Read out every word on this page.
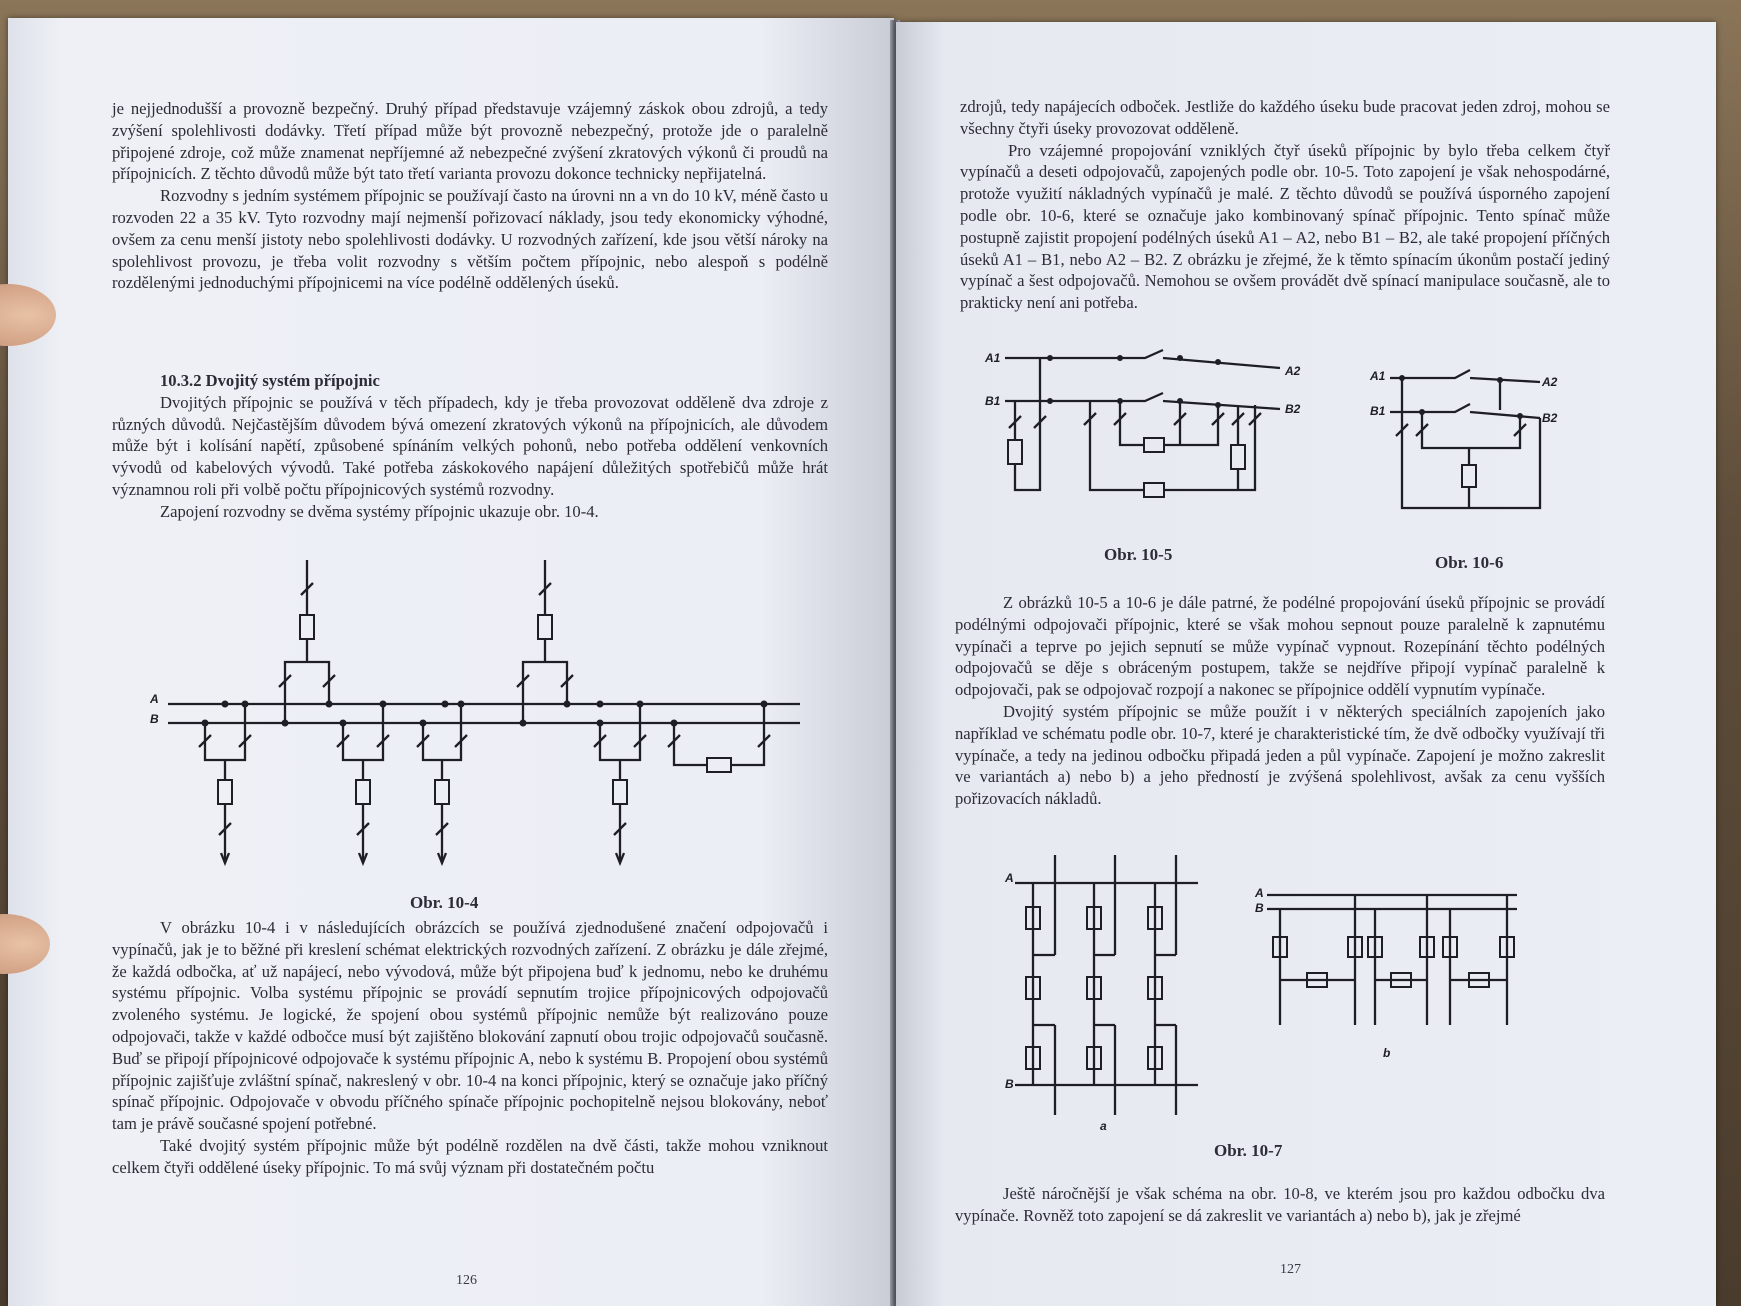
je nejjednodušší a provozně bezpečný. Druhý případ představuje vzájemný záskok obou zdrojů, a tedy zvýšení spolehlivosti dodávky. Třetí případ může být provozně nebezpečný, protože jde o paralelně připojené zdroje, což může znamenat nepříjemné až nebezpečné zvýšení zkratových výkonů či proudů na přípojnicích. Z těchto důvodů může být tato třetí varianta provozu dokonce technicky nepřijatelná.

Rozvodny s jedním systémem přípojnic se používají často na úrovni nn a vn do 10 kV, méně často u rozvoden 22 a 35 kV. Tyto rozvodny mají nejmenší pořizovací náklady, jsou tedy ekonomicky výhodné, ovšem za cenu menší jistoty nebo spolehlivosti dodávky. U rozvodných zařízení, kde jsou větší nároky na spolehlivost provozu, je třeba volit rozvodny s větším počtem přípojnic, nebo alespoň s podélně rozdělenými jednoduchými přípojnicemi na více podélně oddělených úseků.

10.3.2 Dvojitý systém přípojnic

Dvojitých přípojnic se používá v těch případech, kdy je třeba provozovat odděleně dva zdroje z různých důvodů. Nejčastějším důvodem bývá omezení zkratových výkonů na přípojnicích, ale důvodem může být i kolísání napětí, způsobené spínáním velkých pohonů, nebo potřeba oddělení venkovních vývodů od kabelových vývodů. Také potřeba záskokového napájení důležitých spotřebičů může hrát významnou roli při volbě počtu přípojnicových systémů rozvodny.

Zapojení rozvodny se dvěma systémy přípojnic ukazuje obr. 10-4.

A
B
Obr. 10-4

V obrázku 10-4 i v následujících obrázcích se používá zjednodušené značení odpojovačů i vypínačů, jak je to běžné při kreslení schémat elektrických rozvodných zařízení. Z obrázku je dále zřejmé, že každá odbočka, ať už napájecí, nebo vývodová, může být připojena buď k jednomu, nebo ke druhému systému přípojnic. Volba systému přípojnic se provádí sepnutím trojice přípojnicových odpojovačů zvoleného systému. Je logické, že spojení obou systémů přípojnic nemůže být realizováno pouze odpojovači, takže v každé odbočce musí být zajištěno blokování zapnutí obou trojic odpojovačů současně. Buď se připojí přípojnicové odpojovače k systému přípojnic A, nebo k systému B. Propojení obou systémů přípojnic zajišťuje zvláštní spínač, nakreslený v obr. 10-4 na konci přípojnic, který se označuje jako příčný spínač přípojnic. Odpojovače v obvodu příčného spínače přípojnic pochopitelně nejsou blokovány, neboť tam je právě současné spojení potřebné.

Také dvojitý systém přípojnic může být podélně rozdělen na dvě části, takže mohou vzniknout celkem čtyři oddělené úseky přípojnic. To má svůj význam při dostatečném počtu

126

zdrojů, tedy napájecích odboček. Jestliže do každého úseku bude pracovat jeden zdroj, mohou se všechny čtyři úseky provozovat odděleně.

Pro vzájemné propojování vzniklých čtyř úseků přípojnic by bylo třeba celkem čtyř vypínačů a deseti odpojovačů, zapojených podle obr. 10-5. Toto zapojení je však nehospodárné, protože využití nákladných vypínačů je malé. Z těchto důvodů se používá úsporného zapojení podle obr. 10-6, které se označuje jako kombinovaný spínač přípojnic. Tento spínač může postupně zajistit propojení podélných úseků A1 – A2, nebo B1 – B2, ale také propojení příčných úseků A1 – B1, nebo A2 – B2. Z obrázku je zřejmé, že k těmto spínacím úkonům postačí jediný vypínač a šest odpojovačů. Nemohou se ovšem provádět dvě spínací manipulace současně, ale to prakticky není ani potřeba.

A1
B1
A2
B2
A1
B1
A2
B2
Obr. 10-5	Obr. 10-6

Z obrázků 10-5 a 10-6 je dále patrné, že podélné propojování úseků přípojnic se provádí podélnými odpojovači přípojnic, které se však mohou sepnout pouze paralelně k zapnutému vypínači a teprve po jejich sepnutí se může vypínač vypnout. Rozepínání těchto podélných odpojovačů se děje s obráceným postupem, takže se nejdříve připojí vypínač paralelně k odpojovači, pak se odpojovač rozpojí a nakonec se přípojnice oddělí vypnutím vypínače.

Dvojitý systém přípojnic se může použít i v některých speciálních zapojeních jako například ve schématu podle obr. 10-7, které je charakteristické tím, že dvě odbočky využívají tři vypínače, a tedy na jedinou odbočku připadá jeden a půl vypínače. Zapojení je možno zakreslit ve variantách a) nebo b) a jeho předností je zvýšená spolehlivost, avšak za cenu vyšších pořizovacích nákladů.

A
B
a
A
B
b
Obr. 10-7

Ještě náročnější je však schéma na obr. 10-8, ve kterém jsou pro každou odbočku dva vypínače. Rovněž toto zapojení se dá zakreslit ve variantách a) nebo b), jak je zřejmé

127
